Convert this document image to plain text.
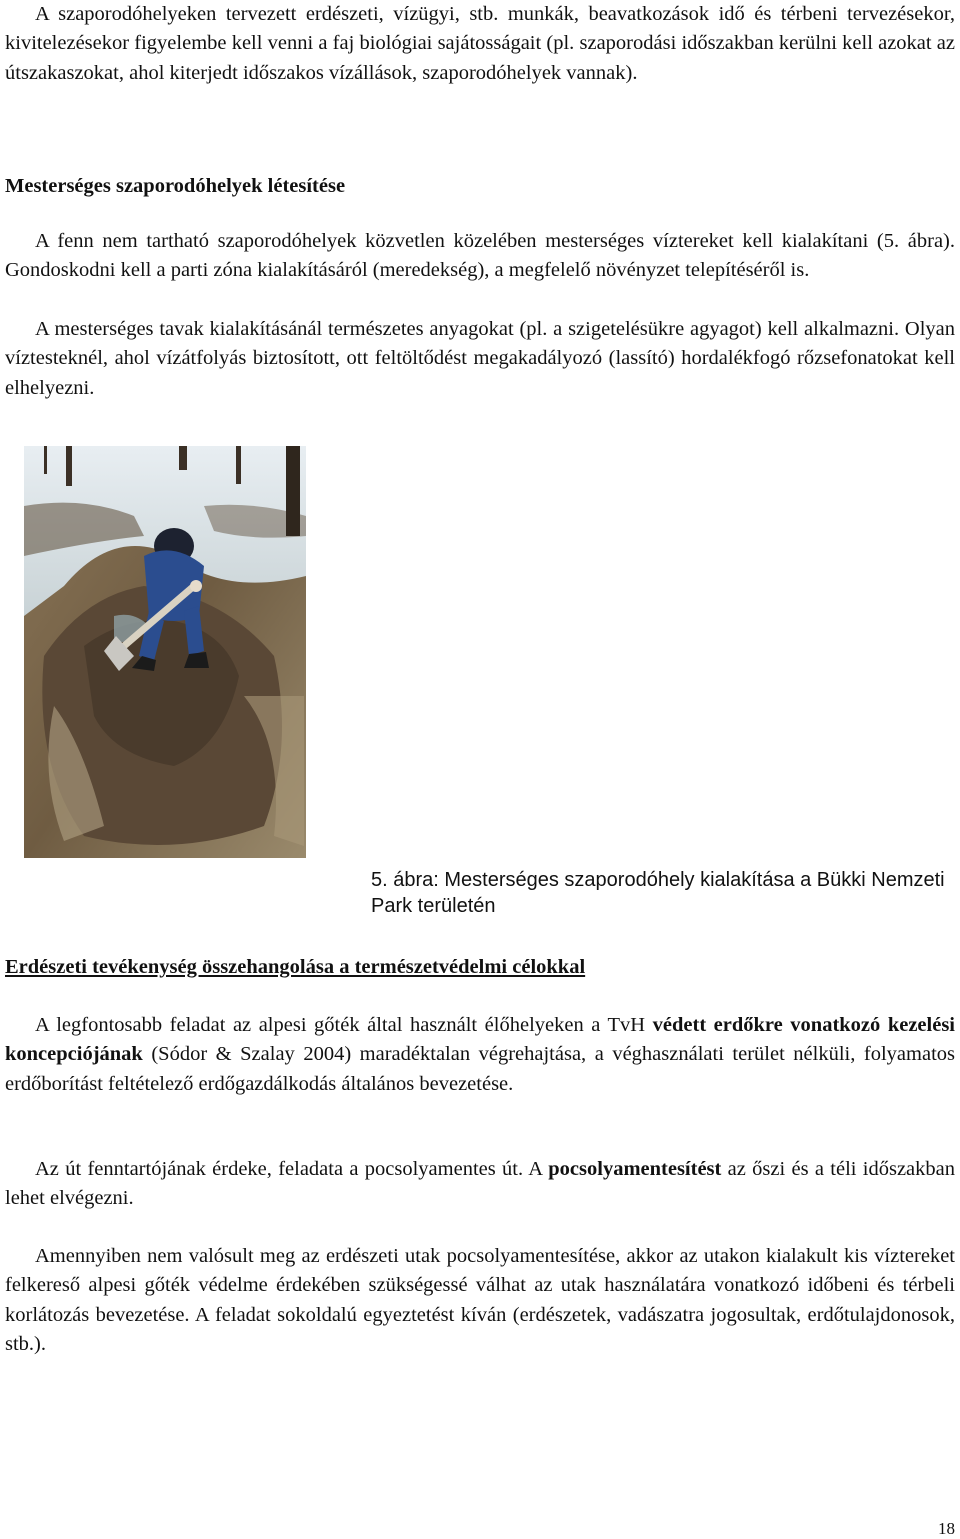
A szaporodóhelyeken tervezett erdészeti, vízügyi, stb. munkák, beavatkozások idő és térbeni tervezésekor, kivitelezésekor figyelembe kell venni a faj biológiai sajátosságait (pl. szaporodási időszakban kerülni kell azokat az útszakaszokat, ahol kiterjedt időszakos vízállások, szaporodóhelyek vannak).

Mesterséges szaporodóhelyek létesítése

A fenn nem tartható szaporodóhelyek közvetlen közelében mesterséges víztereket kell kialakítani (5. ábra). Gondoskodni kell a parti zóna kialakításáról (meredekség), a megfelelő növényzet telepítéséről is.

A mesterséges tavak kialakításánál természetes anyagokat (pl. a szigetelésükre agyagot) kell alkalmazni. Olyan víztesteknél, ahol vízátfolyás biztosított, ott feltöltődést megakadályozó (lassító) hordalékfogó rőzsefonatokat kell elhelyezni.

5. ábra: Mesterséges szaporodóhely kialakítása a Bükki Nemzeti Park területén

Erdészeti tevékenység összehangolása a természetvédelmi célokkal

A legfontosabb feladat az alpesi gőték által használt élőhelyeken a TvH védett erdőkre vonatkozó kezelési koncepciójának (Sódor & Szalay 2004) maradéktalan végrehajtása, a véghasználati terület nélküli, folyamatos erdőborítást feltételező erdőgazdálkodás általános bevezetése.

Az út fenntartójának érdeke, feladata a pocsolyamentes út. A pocsolyamentesítést az őszi és a téli időszakban lehet elvégezni.

Amennyiben nem valósult meg az erdészeti utak pocsolyamentesítése, akkor az utakon kialakult kis víztereket felkereső alpesi gőték védelme érdekében szükségessé válhat az utak használatára vonatkozó időbeni és térbeli korlátozás bevezetése. A feladat sokoldalú egyeztetést kíván (erdészetek, vadászatra jogosultak, erdőtulajdonosok, stb.).

18
